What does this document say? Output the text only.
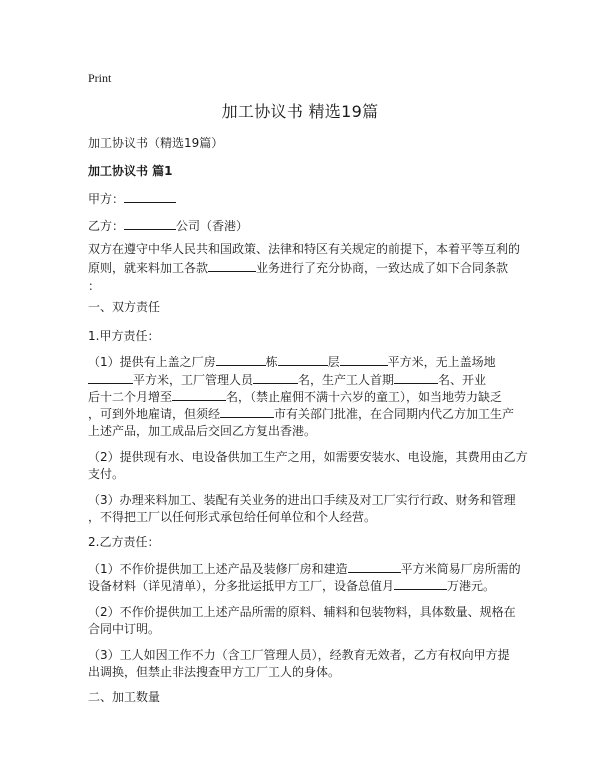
Print
加工协议书 精选19篇
加工协议书（精选19篇）
加工协议书 篇1
甲方：
乙方：	公司（香港）
双方在遵守中华人民共和国政策、法律和特区有关规定的前提下，本着平等互利的
原则，就来料加工各款	业务进行了充分协商，一致达成了如下合同条款
：
一、双方责任
1.甲方责任：
（1）提供有上盖之厂房	栋	层	平方米，无上盖场地
平方米，工厂管理人员	名，生产工人首期	名、开业
后十二个月增至	名，（禁止雇佣不满十六岁的童工），如当地劳力缺乏
，可到外地雇请，但须经	市有关部门批准，在合同期内代乙方加工生产
上述产品，加工成品后交回乙方复出香港。
（2）提供现有水、电设备供加工生产之用，如需要安装水、电设施，其费用由乙方
支付。
（3）办理来料加工、装配有关业务的进出口手续及对工厂实行行政、财务和管理
，不得把工厂以任何形式承包给任何单位和个人经营。
2.乙方责任：
（1）不作价提供加工上述产品及装修厂房和建造	平方米简易厂房所需的
设备材料（详见清单），分多批运抵甲方工厂，设备总值月	万港元。
（2）不作价提供加工上述产品所需的原料、辅料和包装物料，具体数量、规格在
合同中订明。
（3）工人如因工作不力（含工厂管理人员），经教育无效者，乙方有权向甲方提
出调换，但禁止非法搜查甲方工厂工人的身体。
二、加工数量
